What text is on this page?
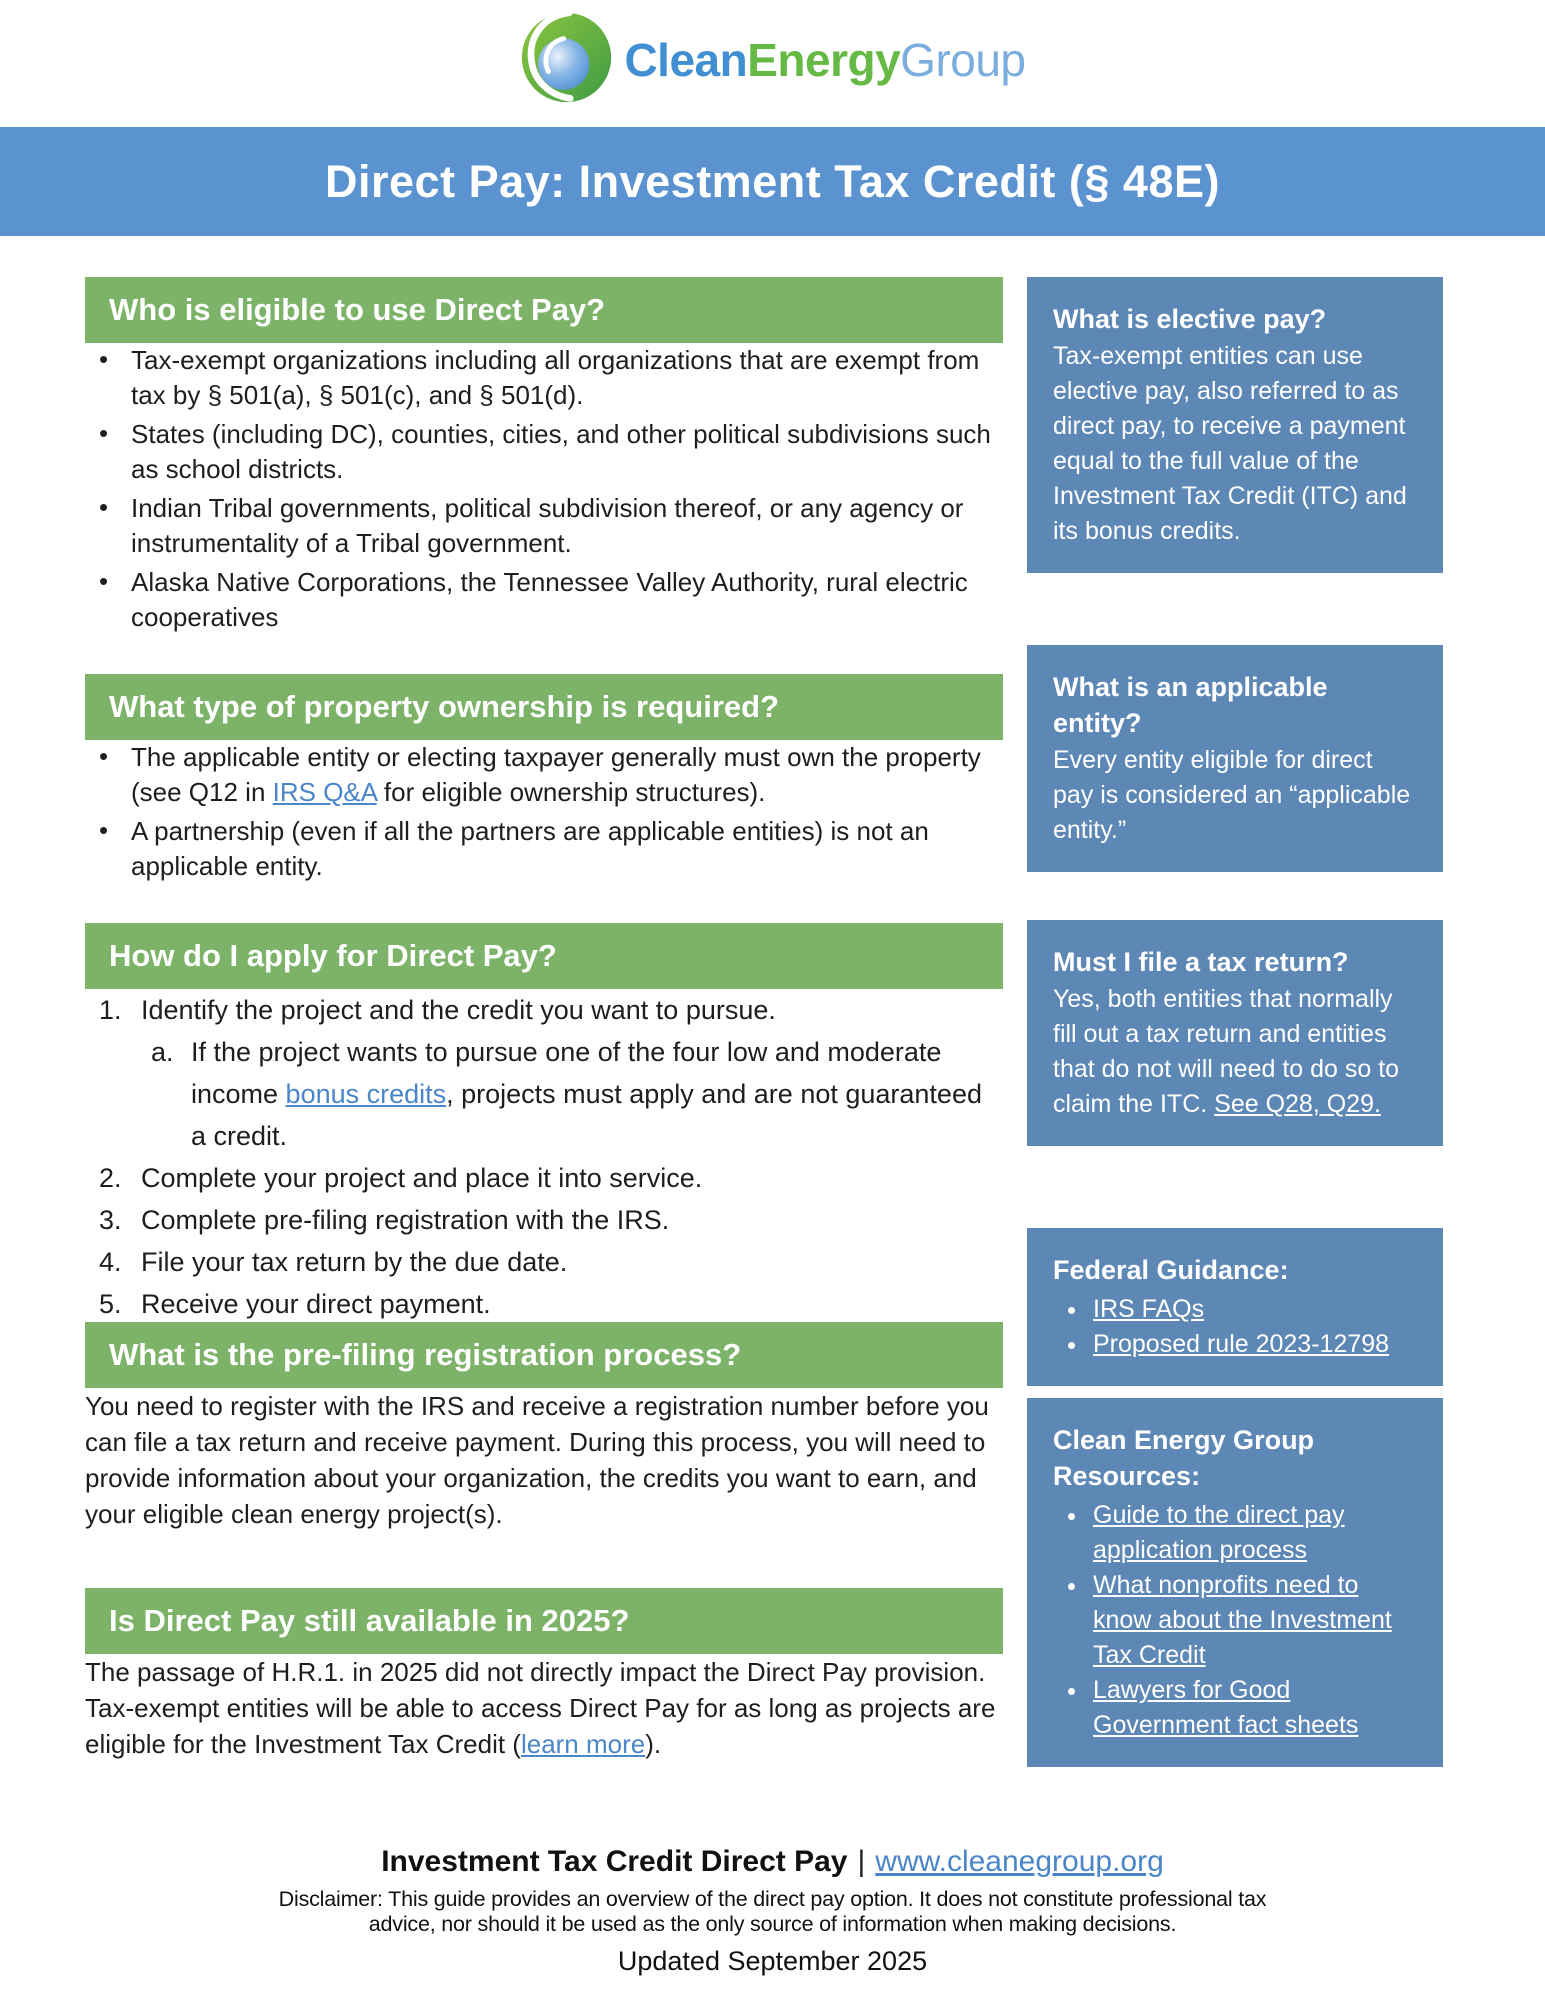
CleanEnergyGroup
Direct Pay: Investment Tax Credit (§ 48E)
Who is eligible to use Direct Pay?
• Tax-exempt organizations including all organizations that are exempt from tax by § 501(a), § 501(c), and § 501(d).
• States (including DC), counties, cities, and other political subdivisions such as school districts.
• Indian Tribal governments, political subdivision thereof, or any agency or instrumentality of a Tribal government.
• Alaska Native Corporations, the Tennessee Valley Authority, rural electric cooperatives
What type of property ownership is required?
• The applicable entity or electing taxpayer generally must own the property (see Q12 in IRS Q&A for eligible ownership structures).
• A partnership (even if all the partners are applicable entities) is not an applicable entity.
How do I apply for Direct Pay?
1. Identify the project and the credit you want to pursue.
a. If the project wants to pursue one of the four low and moderate income bonus credits, projects must apply and are not guaranteed a credit.
2. Complete your project and place it into service.
3. Complete pre-filing registration with the IRS.
4. File your tax return by the due date.
5. Receive your direct payment.
What is the pre-filing registration process?

You need to register with the IRS and receive a registration number before you can file a tax return and receive payment. During this process, you will need to provide information about your organization, the credits you want to earn, and your eligible clean energy project(s).

Is Direct Pay still available in 2025?

The passage of H.R.1. in 2025 did not directly impact the Direct Pay provision. Tax-exempt entities will be able to access Direct Pay for as long as projects are eligible for the Investment Tax Credit (learn more).

What is elective pay?

Tax-exempt entities can use elective pay, also referred to as direct pay, to receive a payment equal to the full value of the Investment Tax Credit (ITC) and its bonus credits.

What is an applicable entity?

Every entity eligible for direct pay is considered an “applicable entity.”

Must I file a tax return?

Yes, both entities that normally fill out a tax return and entities that do not will need to do so to claim the ITC. See Q28, Q29.

Federal Guidance:
• IRS FAQs
• Proposed rule 2023-12798
Clean Energy Group Resources:
• Guide to the direct pay application process
• What nonprofits need to know about the Investment Tax Credit
• Lawyers for Good Government fact sheets
Investment Tax Credit Direct Pay | www.cleanegroup.org
Disclaimer: This guide provides an overview of the direct pay option. It does not constitute professional tax advice, nor should it be used as the only source of information when making decisions.
Updated September 2025
